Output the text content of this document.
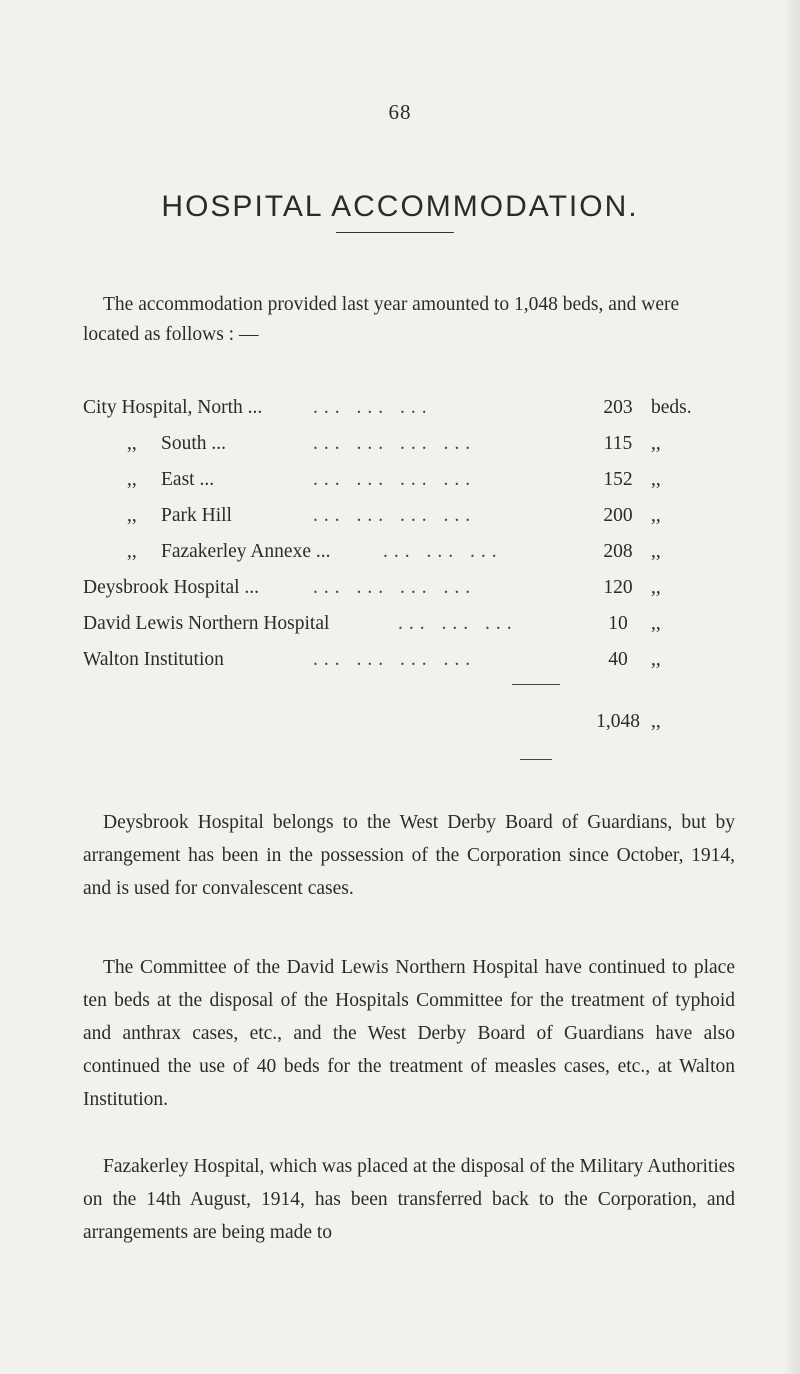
68
HOSPITAL ACCOMMODATION.

The accommodation provided last year amounted to 1,048 beds, and were located as follows : —

City Hospital, North ...	... ... ...	203 beds.
,, South ...	... ... ... ...	115 ,,
,, East ...	... ... ... ...	152 ,,
,, Park Hill	... ... ... ...	200 ,,
,, Fazakerley Annexe ...	... ... ...	208 ,,
Deysbrook Hospital ...	... ... ... ...	120 ,,
David Lewis Northern Hospital	... ... ...	10	,,
Walton Institution	... ... ... ...	40	,,
1,048 ,,

Deysbrook Hospital belongs to the West Derby Board of Guardians, but by arrangement has been in the possession of the Corporation since October, 1914, and is used for convalescent cases.

The Committee of the David Lewis Northern Hospital have continued to place ten beds at the disposal of the Hospitals Committee for the treatment of typhoid and anthrax cases, etc., and the West Derby Board of Guardians have also continued the use of 40 beds for the treatment of measles cases, etc., at Walton Institution.

Fazakerley Hospital, which was placed at the disposal of the Military Authorities on the 14th August, 1914, has been transferred back to the Corporation, and arrangements are being made to
